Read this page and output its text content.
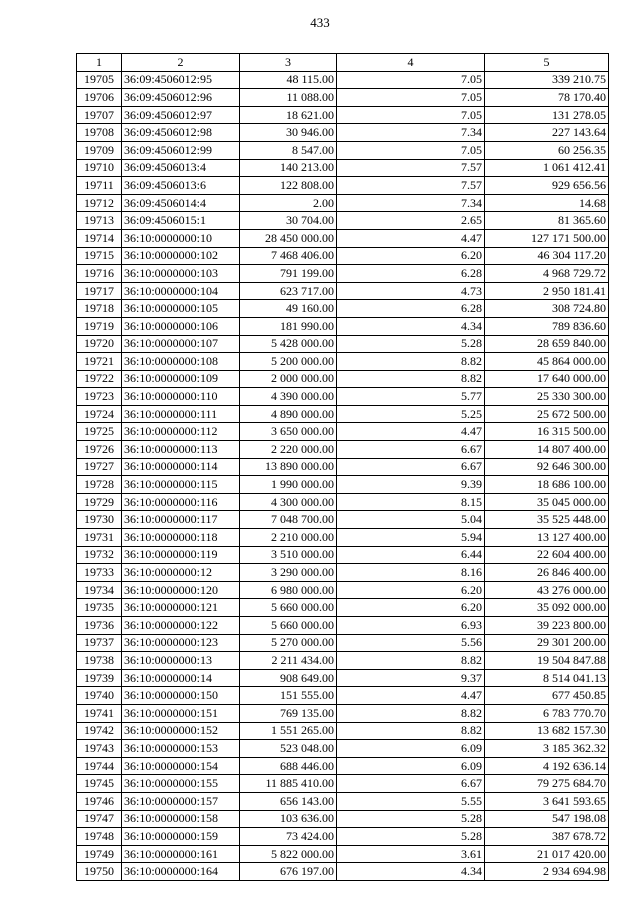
433
1	2	3	4	5
19705	36:09:4506012:95	48 115.00	7.05	339 210.75
19706	36:09:4506012:96	11 088.00	7.05	78 170.40
19707	36:09:4506012:97	18 621.00	7.05	131 278.05
19708	36:09:4506012:98	30 946.00	7.34	227 143.64
19709	36:09:4506012:99	8 547.00	7.05	60 256.35
19710	36:09:4506013:4	140 213.00	7.57	1 061 412.41
19711	36:09:4506013:6	122 808.00	7.57	929 656.56
19712	36:09:4506014:4	2.00	7.34	14.68
19713	36:09:4506015:1	30 704.00	2.65	81 365.60
19714	36:10:0000000:10	28 450 000.00	4.47	127 171 500.00
19715	36:10:0000000:102	7 468 406.00	6.20	46 304 117.20
19716	36:10:0000000:103	791 199.00	6.28	4 968 729.72
19717	36:10:0000000:104	623 717.00	4.73	2 950 181.41
19718	36:10:0000000:105	49 160.00	6.28	308 724.80
19719	36:10:0000000:106	181 990.00	4.34	789 836.60
19720	36:10:0000000:107	5 428 000.00	5.28	28 659 840.00
19721	36:10:0000000:108	5 200 000.00	8.82	45 864 000.00
19722	36:10:0000000:109	2 000 000.00	8.82	17 640 000.00
19723	36:10:0000000:110	4 390 000.00	5.77	25 330 300.00
19724	36:10:0000000:111	4 890 000.00	5.25	25 672 500.00
19725	36:10:0000000:112	3 650 000.00	4.47	16 315 500.00
19726	36:10:0000000:113	2 220 000.00	6.67	14 807 400.00
19727	36:10:0000000:114	13 890 000.00	6.67	92 646 300.00
19728	36:10:0000000:115	1 990 000.00	9.39	18 686 100.00
19729	36:10:0000000:116	4 300 000.00	8.15	35 045 000.00
19730	36:10:0000000:117	7 048 700.00	5.04	35 525 448.00
19731	36:10:0000000:118	2 210 000.00	5.94	13 127 400.00
19732	36:10:0000000:119	3 510 000.00	6.44	22 604 400.00
19733	36:10:0000000:12	3 290 000.00	8.16	26 846 400.00
19734	36:10:0000000:120	6 980 000.00	6.20	43 276 000.00
19735	36:10:0000000:121	5 660 000.00	6.20	35 092 000.00
19736	36:10:0000000:122	5 660 000.00	6.93	39 223 800.00
19737	36:10:0000000:123	5 270 000.00	5.56	29 301 200.00
19738	36:10:0000000:13	2 211 434.00	8.82	19 504 847.88
19739	36:10:0000000:14	908 649.00	9.37	8 514 041.13
19740	36:10:0000000:150	151 555.00	4.47	677 450.85
19741	36:10:0000000:151	769 135.00	8.82	6 783 770.70
19742	36:10:0000000:152	1 551 265.00	8.82	13 682 157.30
19743	36:10:0000000:153	523 048.00	6.09	3 185 362.32
19744	36:10:0000000:154	688 446.00	6.09	4 192 636.14
19745	36:10:0000000:155	11 885 410.00	6.67	79 275 684.70
19746	36:10:0000000:157	656 143.00	5.55	3 641 593.65
19747	36:10:0000000:158	103 636.00	5.28	547 198.08
19748	36:10:0000000:159	73 424.00	5.28	387 678.72
19749	36:10:0000000:161	5 822 000.00	3.61	21 017 420.00
19750	36:10:0000000:164	676 197.00	4.34	2 934 694.98
